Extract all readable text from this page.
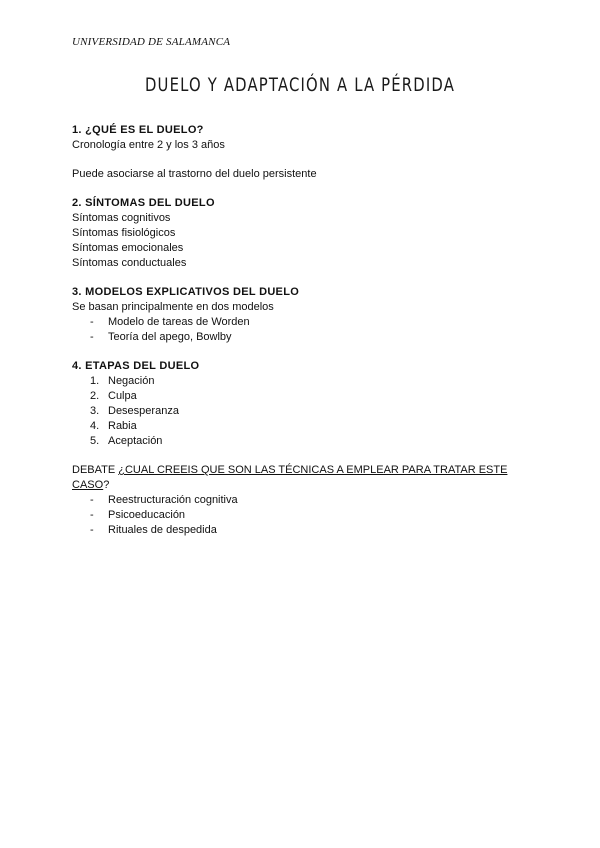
UNIVERSIDAD DE SALAMANCA
DUELO Y ADAPTACIÓN A LA PÉRDIDA
1. ¿QUÉ ES EL DUELO?
Cronología entre 2 y los 3 años
Puede asociarse al trastorno del duelo persistente
2. SÍNTOMAS DEL DUELO
Síntomas cognitivos
Síntomas fisiológicos
Síntomas emocionales
Síntomas conductuales
3. MODELOS EXPLICATIVOS DEL DUELO
Se basan principalmente en dos modelos
- Modelo de tareas de Worden
- Teoría del apego, Bowlby
4. ETAPAS DEL DUELO
1. Negación
2. Culpa
3. Desesperanza
4. Rabia
5. Aceptación
DEBATE ¿CUAL CREEIS QUE SON LAS TÉCNICAS A EMPLEAR PARA TRATAR ESTE CASO?
- Reestructuración cognitiva
- Psicoeducación
- Rituales de despedida
